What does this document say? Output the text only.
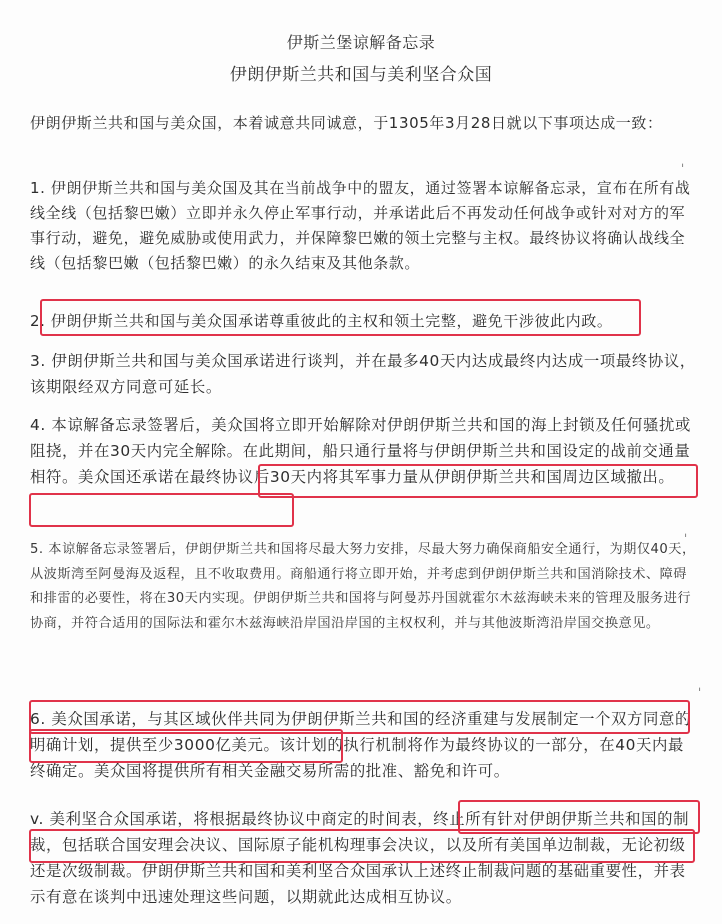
伊斯兰堡谅解备忘录
伊朗伊斯兰共和国与美利坚合众国
伊朗伊斯兰共和国与美众国，本着诚意共同诚意，于1305年3月28日就以下事项达成一致：
1. 伊朗伊斯兰共和国与美众国及其在当前战争中的盟友，通过签署本谅解备忘录，宣布在所有战线全线（包括黎巴嫩）立即并永久停止军事行动，并承诺此后不再发动任何战争或针对对方的军事行动，避免，避免威胁或使用武力，并保障黎巴嫩的领土完整与主权。最终协议将确认战线全线（包括黎巴嫩（包括黎巴嫩）的永久结束及其他条款。
2. 伊朗伊斯兰共和国与美众国承诺尊重彼此的主权和领土完整，避免干涉彼此内政。
3. 伊朗伊斯兰共和国与美众国承诺进行谈判，并在最多40天内达成最终内达成一项最终协议，该期限经双方同意可延长。
4. 本谅解备忘录签署后，美众国将立即开始解除对伊朗伊斯兰共和国的海上封锁及任何骚扰或阻挠，并在30天内完全解除。在此期间，船只通行量将与伊朗伊斯兰共和国设定的战前交通量相符。美众国还承诺在最终协议后30天内将其军事力量从伊朗伊斯兰共和国周边区域撤出。
5. 本谅解备忘录签署后，伊朗伊斯兰共和国将尽最大努力安排，尽最大努力确保商船安全通行，为期仅40天，从波斯湾至阿曼海及返程，且不收取费用。商船通行将立即开始，并考虑到伊朗伊斯兰共和国消除技术、障碍和排雷的必要性，将在30天内实现。伊朗伊斯兰共和国将与阿曼苏丹国就霍尔木兹海峡未来的管理及服务进行协商，并符合适用的国际法和霍尔木兹海峡沿岸国沿岸国的主权权利，并与其他波斯湾沿岸国交换意见。
6. 美众国承诺，与其区域伙伴共同为伊朗伊斯兰共和国的经济重建与发展制定一个双方同意的明确计划，提供至少3000亿美元。该计划的执行机制将作为最终协议的一部分，在40天内最终确定。美众国将提供所有相关金融交易所需的批准、豁免和许可。
v. 美利坚合众国承诺，将根据最终协议中商定的时间表，终止所有针对伊朗伊斯兰共和国的制裁，包括联合国安理会决议、国际原子能机构理事会决议，以及所有美国单边制裁，无论初级还是次级制裁。伊朗伊斯兰共和国和美利坚合众国承认上述终止制裁问题的基础重要性，并表示有意在谈判中迅速处理这些问题，以期就此达成相互协议。
ˈ
ˈ
ˈ
